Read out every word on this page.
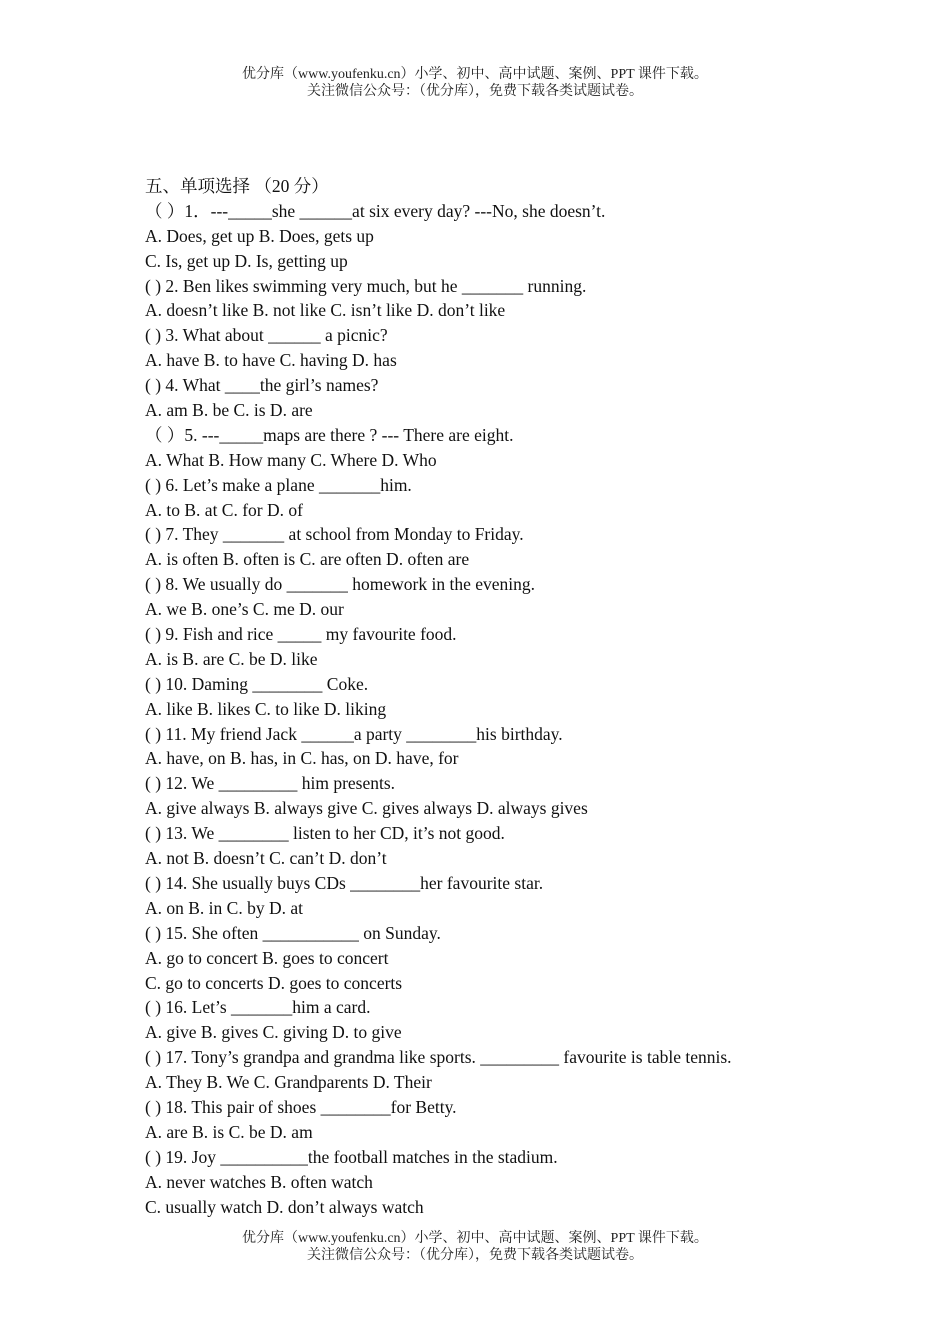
优分库（www.youfenku.cn）小学、初中、高中试题、案例、PPT 课件下载。
关注微信公众号：（优分库），免费下载各类试题试卷。
五、单项选择 （20 分）
（ ）1．---_____she ______at six every day? ---No, she doesn’t.
A. Does, get up B. Does, gets up
C. Is, get up D. Is, getting up
( ) 2. Ben likes swimming very much, but he _______ running.
A. doesn’t like B. not like C. isn’t like D. don’t like
( ) 3. What about ______ a picnic?
A. have B. to have C. having D. has
( ) 4. What ____the girl’s names?
A. am B. be C. is D. are
（ ）5. ---_____maps are there ? --- There are eight.
A. What B. How many C. Where D. Who
( ) 6. Let’s make a plane _______him.
A. to B. at C. for D. of
( ) 7. They _______ at school from Monday to Friday.
A. is often B. often is C. are often D. often are
( ) 8. We usually do _______ homework in the evening.
A. we B. one’s C. me D. our
( ) 9. Fish and rice _____ my favourite food.
A. is B. are C. be D. like
( ) 10. Daming ________ Coke.
A. like B. likes C. to like D. liking
( ) 11. My friend Jack ______a party ________his birthday.
A. have, on B. has, in C. has, on D. have, for
( ) 12. We _________ him presents.
A. give always B. always give C. gives always D. always gives
( ) 13. We ________ listen to her CD, it’s not good.
A. not B. doesn’t C. can’t D. don’t
( ) 14. She usually buys CDs ________her favourite star.
A. on B. in C. by D. at
( ) 15. She often ___________ on Sunday.
A. go to concert B. goes to concert
C. go to concerts D. goes to concerts
( ) 16. Let’s _______him a card.
A. give B. gives C. giving D. to give
( ) 17. Tony’s grandpa and grandma like sports. _________ favourite is table tennis.
A. They B. We C. Grandparents D. Their
( ) 18. This pair of shoes ________for Betty.
A. are B. is C. be D. am
( ) 19. Joy __________the football matches in the stadium.
A. never watches B. often watch
C. usually watch D. don’t always watch
优分库（www.youfenku.cn）小学、初中、高中试题、案例、PPT 课件下载。
关注微信公众号：（优分库），免费下载各类试题试卷。
